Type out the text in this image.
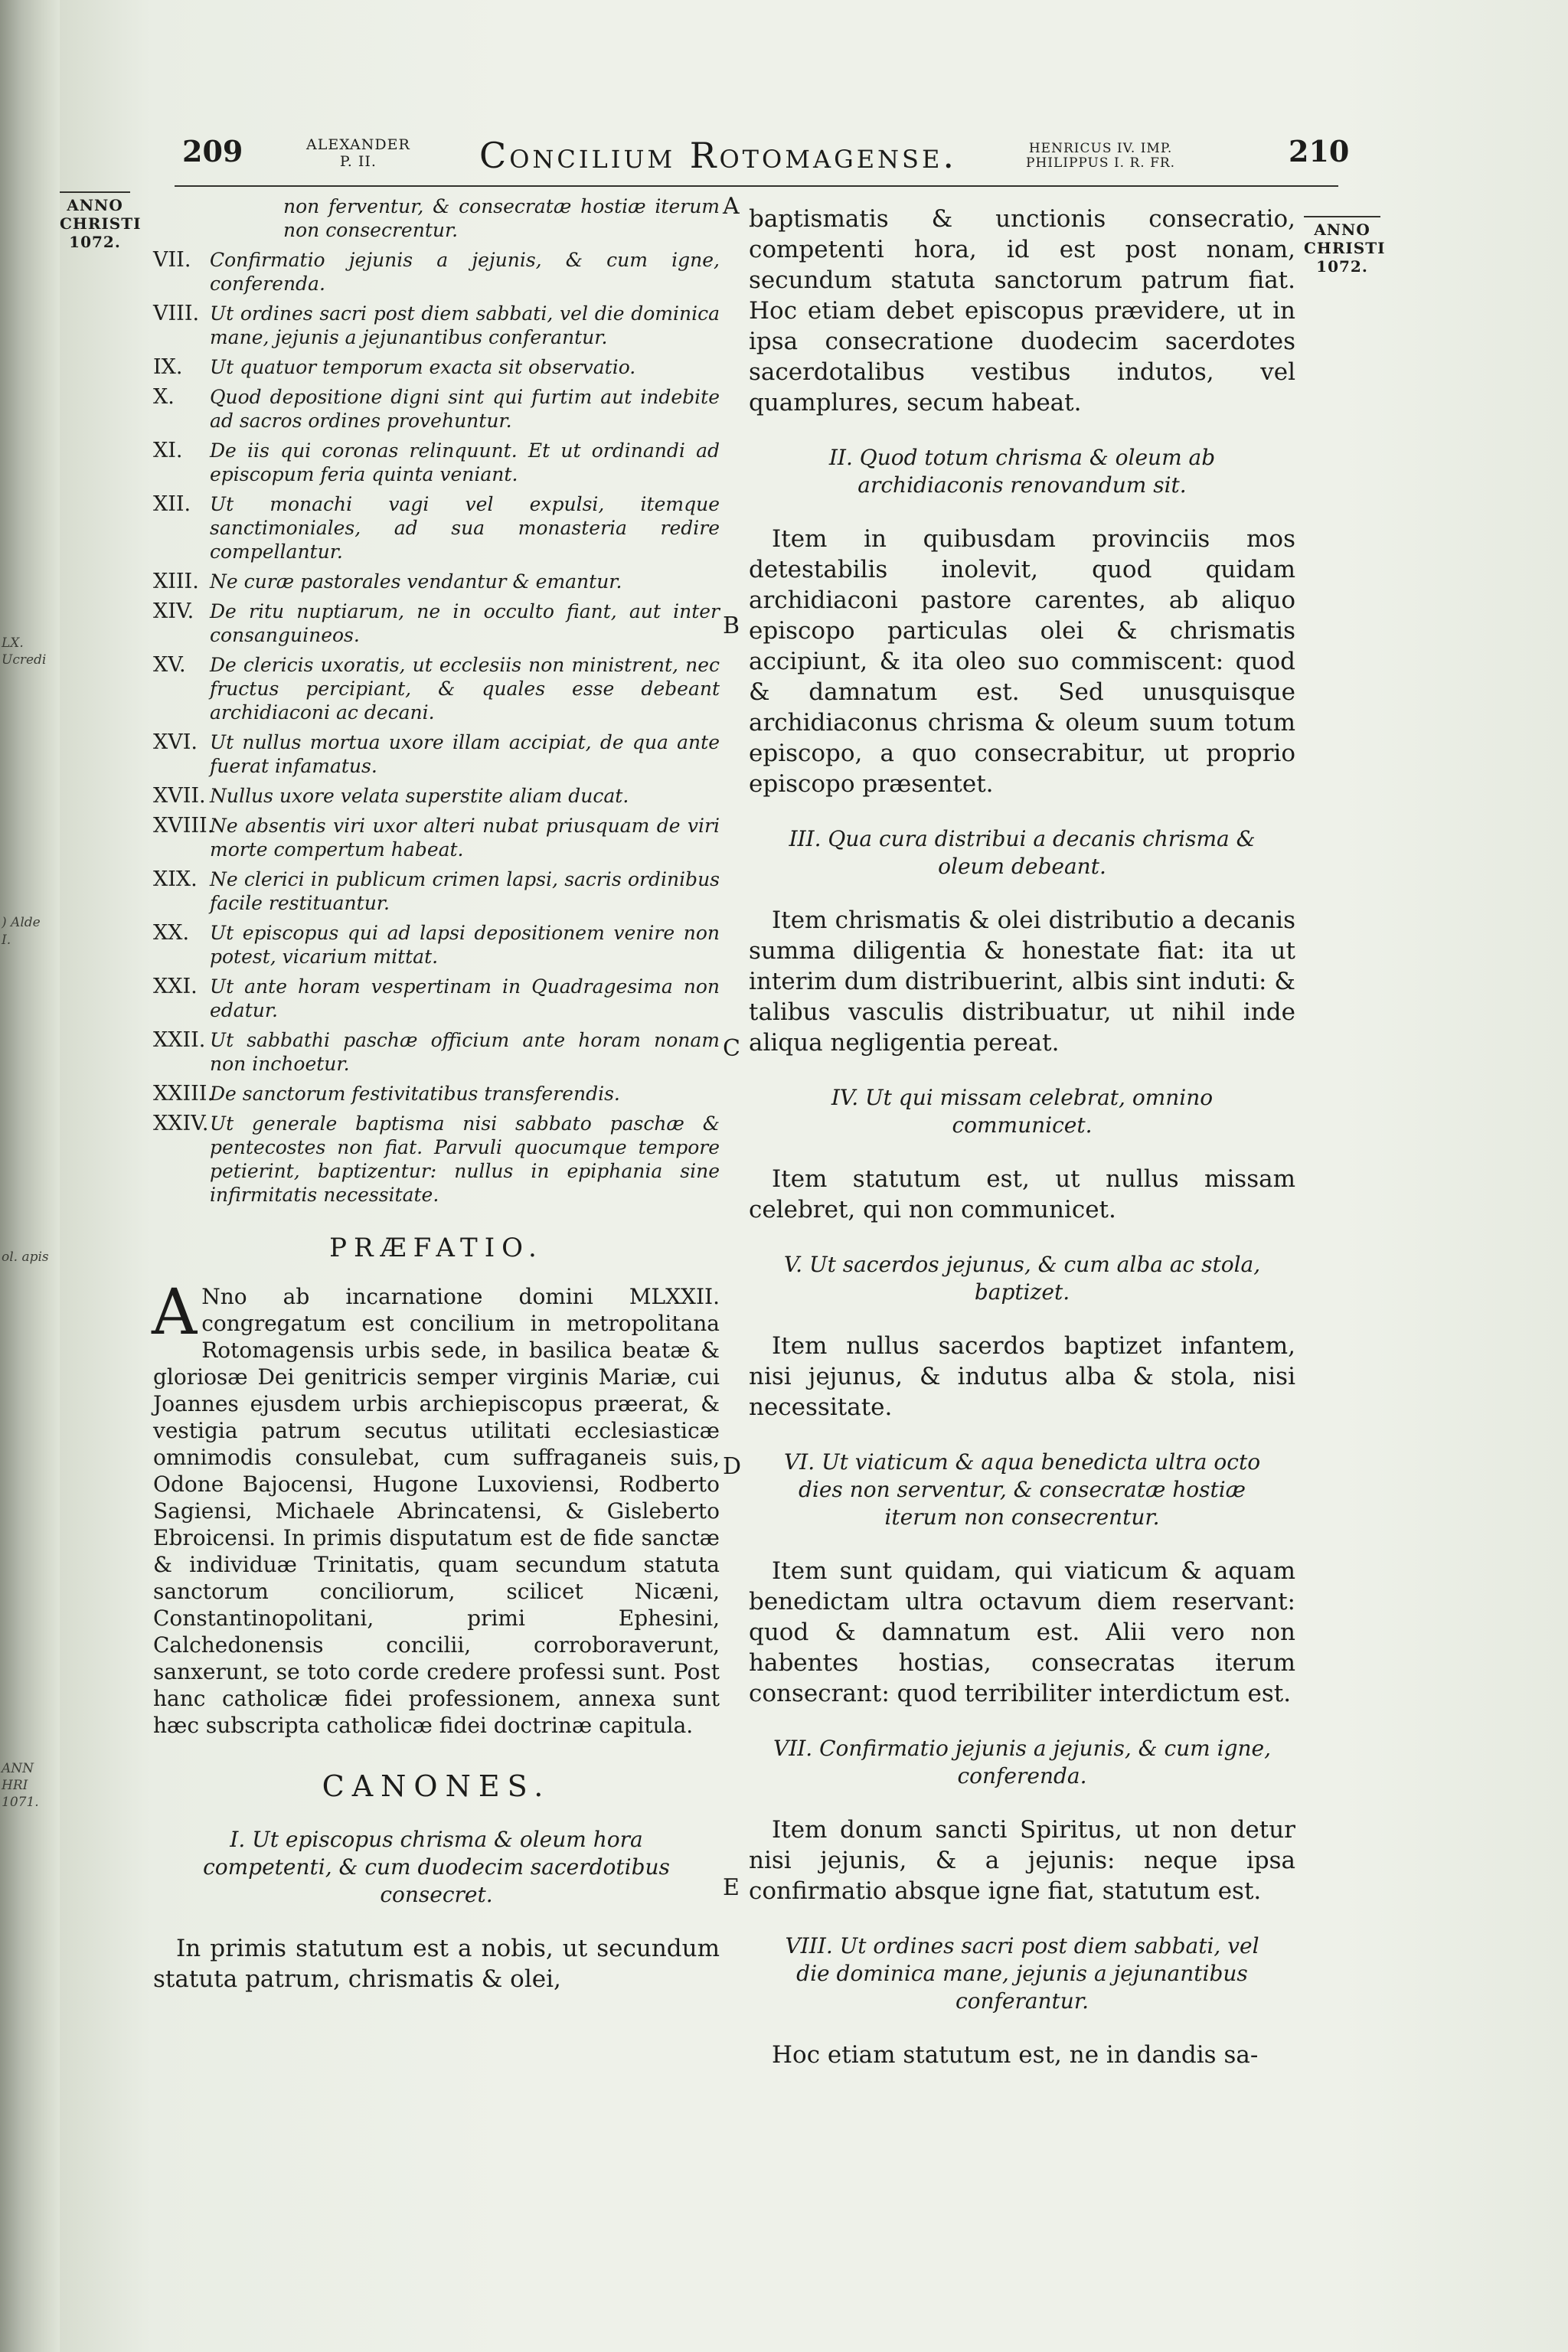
LX.
Ucredi
) Alde
I.
ol. apis
ANN
HRI
1071.
209	ALEXANDER
P. II.	Concilium Rotomagense.	HENRICUS IV. IMP.
PHILIPPUS I. R. FR.	210
ANNO
CHRISTI
1072.
ANNO
CHRISTI
1072.
A
B
C
D
E
non ferventur, & consecratæ hostiæ iterum non consecrentur.
VII. Confirmatio jejunis a jejunis, & cum igne, conferenda.
VIII. Ut ordines sacri post diem sabbati, vel die dominica mane, jejunis a jejunantibus conferantur.
IX. Ut quatuor temporum exacta sit observatio.
X. Quod depositione digni sint qui furtim aut indebite ad sacros ordines provehuntur.
XI. De iis qui coronas relinquunt. Et ut ordinandi ad episcopum feria quinta veniant.
XII. Ut monachi vagi vel expulsi, itemque sanctimoniales, ad sua monasteria redire compellantur.
XIII. Ne curæ pastorales vendantur & emantur.
XIV. De ritu nuptiarum, ne in occulto fiant, aut inter consanguineos.
XV. De clericis uxoratis, ut ecclesiis non ministrent, nec fructus percipiant, & quales esse debeant archidiaconi ac decani.
XVI. Ut nullus mortua uxore illam accipiat, de qua ante fuerat infamatus.
XVII. Nullus uxore velata superstite aliam ducat.
XVIII.
Ne absentis viri uxor alteri nubat priusquam de viri morte compertum habeat.
XIX. Ne clerici in publicum crimen lapsi, sacris ordinibus facile restituantur.
XX. Ut episcopus qui ad lapsi depositionem venire non potest, vicarium mittat.
XXI. Ut ante horam vespertinam in Quadragesima non edatur.
XXII. Ut sabbathi paschæ officium ante horam nonam non inchoetur.
XXIII.
De sanctorum festivitatibus transferendis.
XXIV. Ut generale baptisma nisi sabbato paschæ & pentecostes non fiat. Parvuli quocumque tempore petierint, baptizentur: nullus in epiphania sine infirmitatis necessitate.
PRÆFATIO.
A Nno ab incarnatione domini MLXXII. congregatum est concilium in metropolitana Rotomagensis urbis sede, in basilica beatæ & gloriosæ Dei genitricis semper virginis Mariæ, cui Joannes ejusdem urbis archiepiscopus præerat, & vestigia patrum secutus utilitati ecclesiasticæ omnimodis consulebat, cum suffraganeis suis, Odone Bajocensi, Hugone Luxoviensi, Rodberto Sagiensi, Michaele Abrincatensi, & Gisleberto Ebroicensi. In primis disputatum est de fide sanctæ & individuæ Trinitatis, quam secundum statuta sanctorum conciliorum, scilicet Nicæni, Constantinopolitani, primi Ephesini, Calchedonensis concilii, corroboraverunt, sanxerunt, se toto corde credere professi sunt. Post hanc catholicæ fidei professionem, annexa sunt hæc subscripta catholicæ fidei doctrinæ capitula.
CANONES.
I. Ut episcopus chrisma & oleum hora competenti, & cum duodecim sacerdotibus consecret.
In primis statutum est a nobis, ut secundum statuta patrum, chrismatis & olei,
baptismatis & unctionis consecratio, competenti hora, id est post nonam, secundum statuta sanctorum patrum fiat. Hoc etiam debet episcopus prævidere, ut in ipsa consecratione duodecim sacerdotes sacerdotalibus vestibus indutos, vel quamplures, secum habeat.
II. Quod totum chrisma & oleum ab archidiaconis renovandum sit.
Item in quibusdam provinciis mos detestabilis inolevit, quod quidam archidiaconi pastore carentes, ab aliquo episcopo particulas olei & chrismatis accipiunt, & ita oleo suo commiscent: quod & damnatum est. Sed unusquisque archidiaconus chrisma & oleum suum totum episcopo, a quo consecrabitur, ut proprio episcopo præsentet.
III. Qua cura distribui a decanis chrisma & oleum debeant.
Item chrismatis & olei distributio a decanis summa diligentia & honestate fiat: ita ut interim dum distribuerint, albis sint induti: & talibus vasculis distribuatur, ut nihil inde aliqua negligentia pereat.
IV. Ut qui missam celebrat, omnino communicet.
Item statutum est, ut nullus missam celebret, qui non communicet.
V. Ut sacerdos jejunus, & cum alba ac stola, baptizet.
Item nullus sacerdos baptizet infantem, nisi jejunus, & indutus alba & stola, nisi necessitate.
VI. Ut viaticum & aqua benedicta ultra octo dies non serventur, & consecratæ hostiæ iterum non consecrentur.
Item sunt quidam, qui viaticum & aquam benedictam ultra octavum diem reservant: quod & damnatum est. Alii vero non habentes hostias, consecratas iterum consecrant: quod terribiliter interdictum est.
VII. Confirmatio jejunis a jejunis, & cum igne, conferenda.
Item donum sancti Spiritus, ut non detur nisi jejunis, & a jejunis: neque ipsa confirmatio absque igne fiat, statutum est.
VIII. Ut ordines sacri post diem sabbati, vel die dominica mane, jejunis a jejunantibus conferantur.
Hoc etiam statutum est, ne in dandis sa-
